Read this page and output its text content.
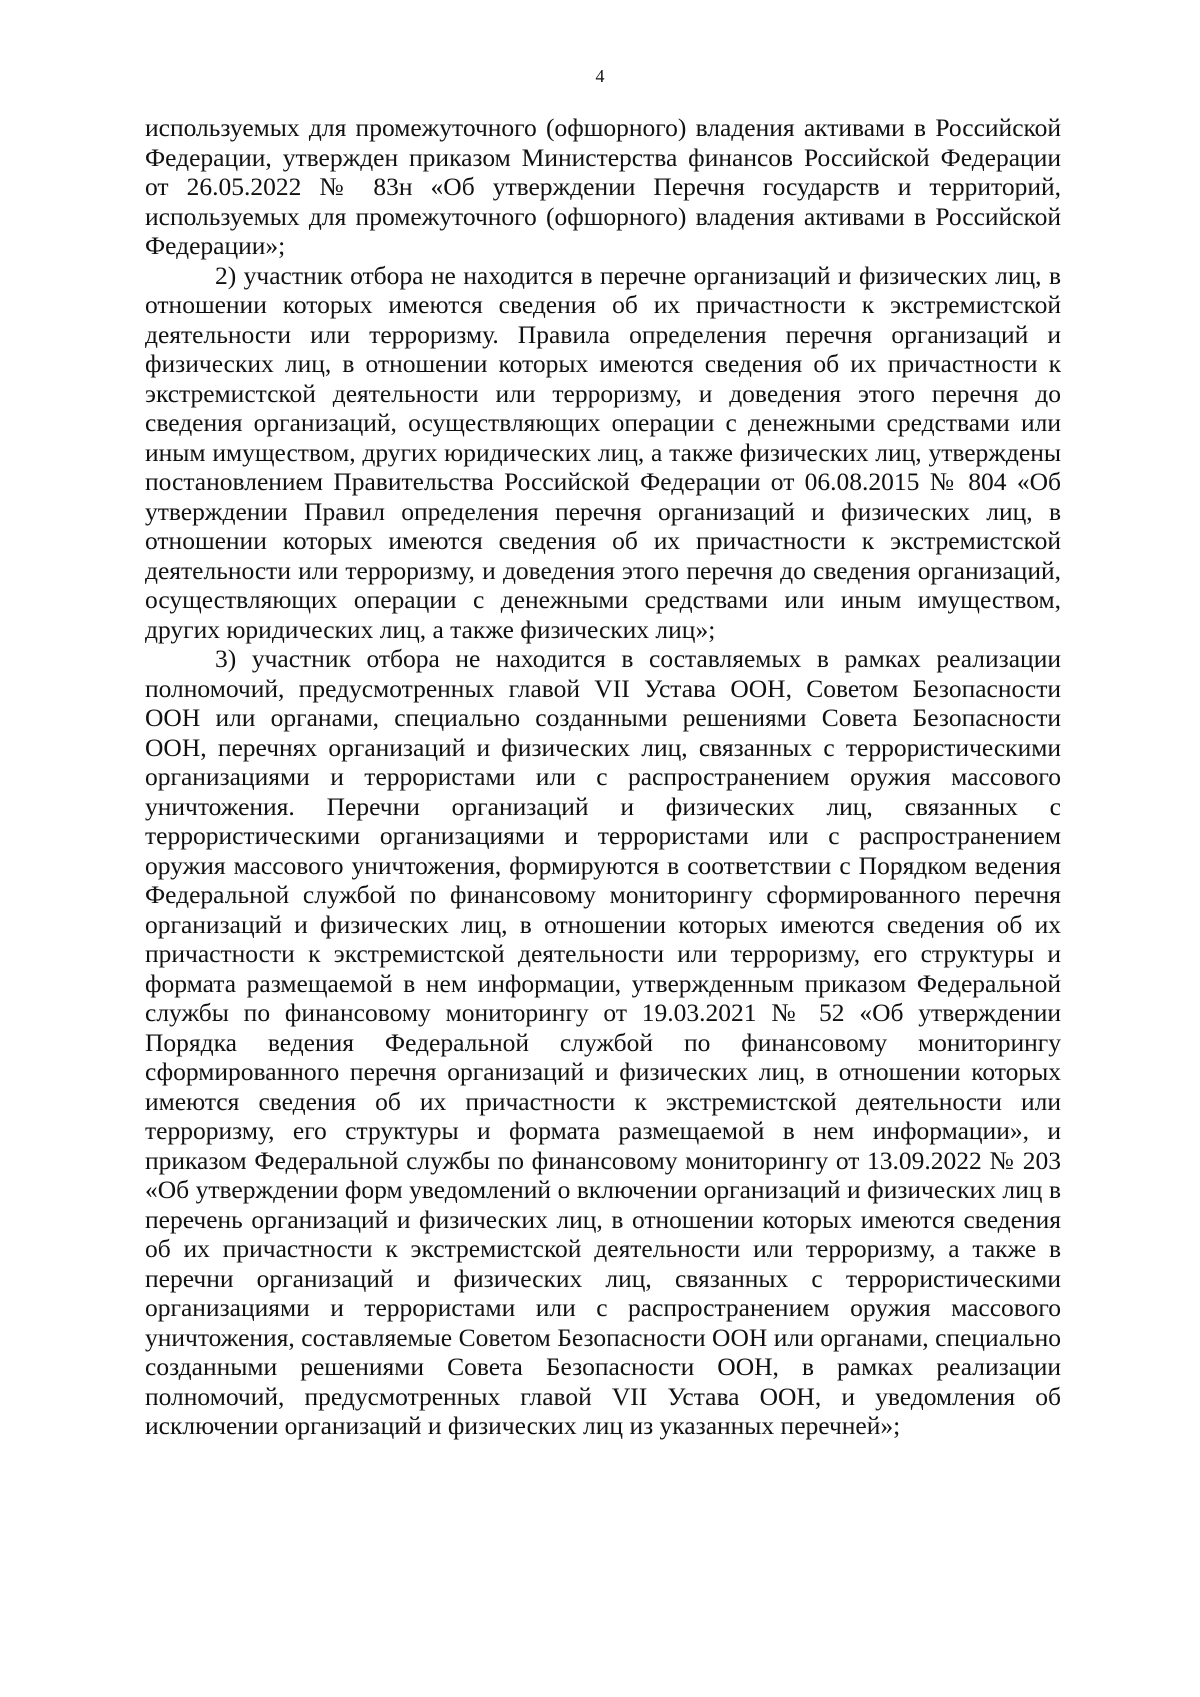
4

используемых для промежуточного (офшорного) владения активами в Российской Федерации, утвержден приказом Министерства финансов Российской Федерации от 26.05.2022 № 83н «Об утверждении Перечня государств и территорий, используемых для промежуточного (офшорного) владения активами в Российской Федерации»;

2) участник отбора не находится в перечне организаций и физических лиц, в отношении которых имеются сведения об их причастности к экстремистской деятельности или терроризму. Правила определения перечня организаций и физических лиц, в отношении которых имеются сведения об их причастности к экстремистской деятельности или терроризму, и доведения этого перечня до сведения организаций, осуществляющих операции с денежными средствами или иным имуществом, других юридических лиц, а также физических лиц, утверждены постановлением Правительства Российской Федерации от 06.08.2015 № 804 «Об утверждении Правил определения перечня организаций и физических лиц, в отношении которых имеются сведения об их причастности к экстремистской деятельности или терроризму, и доведения этого перечня до сведения организаций, осуществляющих операции с денежными средствами или иным имуществом, других юридических лиц, а также физических лиц»;

3) участник отбора не находится в составляемых в рамках реализации полномочий, предусмотренных главой VII Устава ООН, Советом Безопасности ООН или органами, специально созданными решениями Совета Безопасности ООН, перечнях организаций и физических лиц, связанных с террористическими организациями и террористами или с распространением оружия массового уничтожения. Перечни организаций и физических лиц, связанных с террористическими организациями и террористами или с распространением оружия массового уничтожения, формируются в соответствии с Порядком ведения Федеральной службой по финансовому мониторингу сформированного перечня организаций и физических лиц, в отношении которых имеются сведения об их причастности к экстремистской деятельности или терроризму, его структуры и формата размещаемой в нем информации, утвержденным приказом Федеральной службы по финансовому мониторингу от 19.03.2021 № 52 «Об утверждении Порядка ведения Федеральной службой по финансовому мониторингу сформированного перечня организаций и физических лиц, в отношении которых имеются сведения об их причастности к экстремистской деятельности или терроризму, его структуры и формата размещаемой в нем информации», и приказом Федеральной службы по финансовому мониторингу от 13.09.2022 № 203 «Об утверждении форм уведомлений о включении организаций и физических лиц в перечень организаций и физических лиц, в отношении которых имеются сведения об их причастности к экстремистской деятельности или терроризму, а также в перечни организаций и физических лиц, связанных с террористическими организациями и террористами или с распространением оружия массового уничтожения, составляемые Советом Безопасности ООН или органами, специально созданными решениями Совета Безопасности ООН, в рамках реализации полномочий, предусмотренных главой VII Устава ООН, и уведомления об исключении организаций и физических лиц из указанных перечней»;
